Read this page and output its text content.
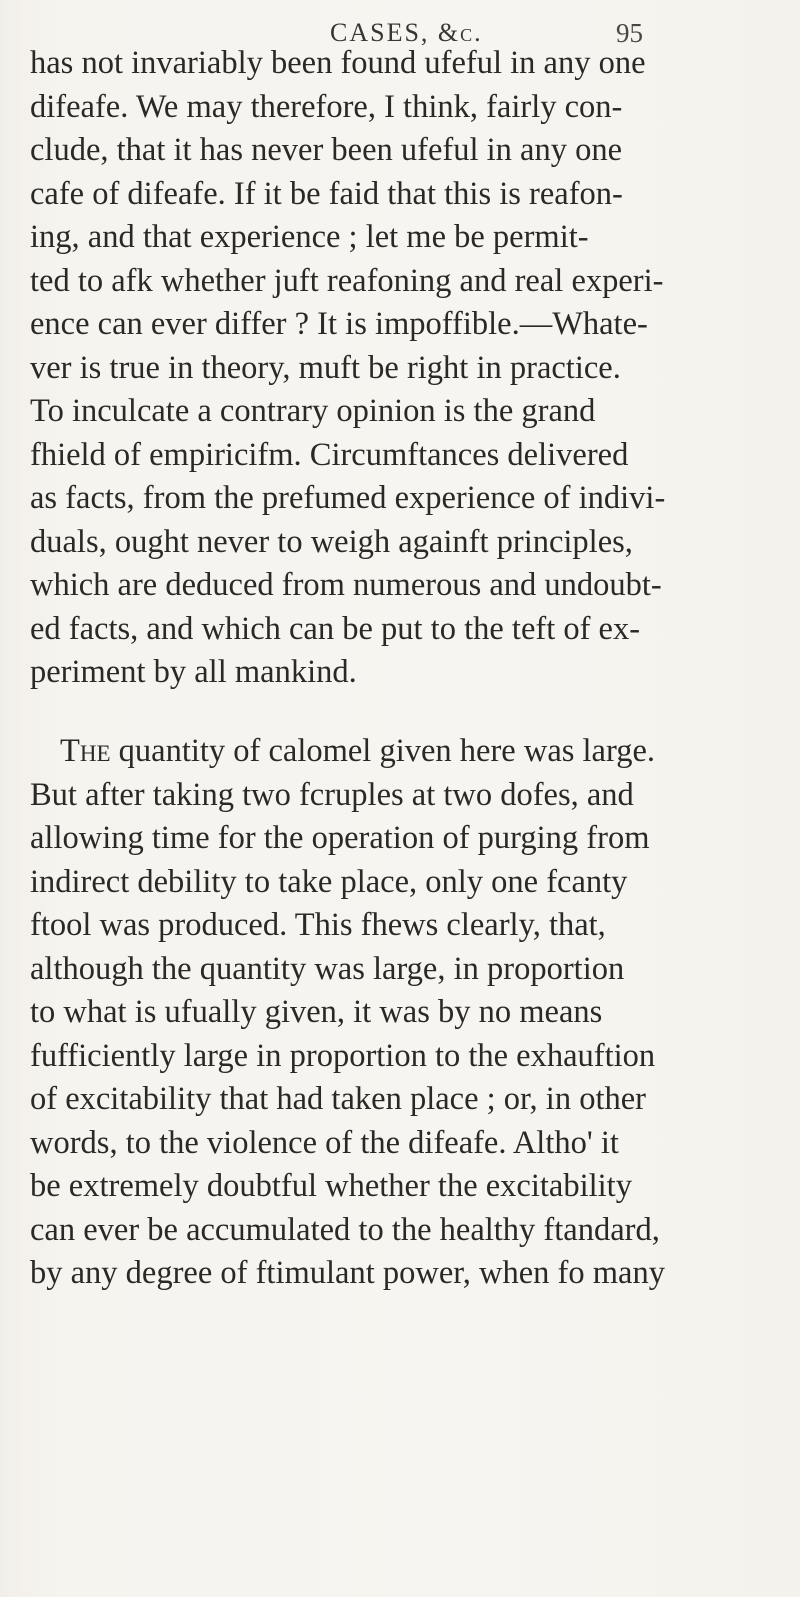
CASES, &c.	95

has not invariably been found ufeful in any one
difeafe. We may therefore, I think, fairly con-
clude, that it has never been ufeful in any one
cafe of difeafe. If it be faid that this is reafon-
ing, and that experience ; let me be permit-
ted to afk whether juft reafoning and real experi-
ence can ever differ ? It is impoffible.—Whate-
ver is true in theory, muft be right in practice.
To inculcate a contrary opinion is the grand
fhield of empiricifm. Circumftances delivered
as facts, from the prefumed experience of indivi-
duals, ought never to weigh againft principles,
which are deduced from numerous and undoubt-
ed facts, and which can be put to the teft of ex-
periment by all mankind.

The quantity of calomel given here was large.
But after taking two fcruples at two dofes, and
allowing time for the operation of purging from
indirect debility to take place, only one fcanty
ftool was produced. This fhews clearly, that,
although the quantity was large, in proportion
to what is ufually given, it was by no means
fufficiently large in proportion to the exhauftion
of excitability that had taken place ; or, in other
words, to the violence of the difeafe. Altho' it
be extremely doubtful whether the excitability
can ever be accumulated to the healthy ftandard,
by any degree of ftimulant power, when fo many
